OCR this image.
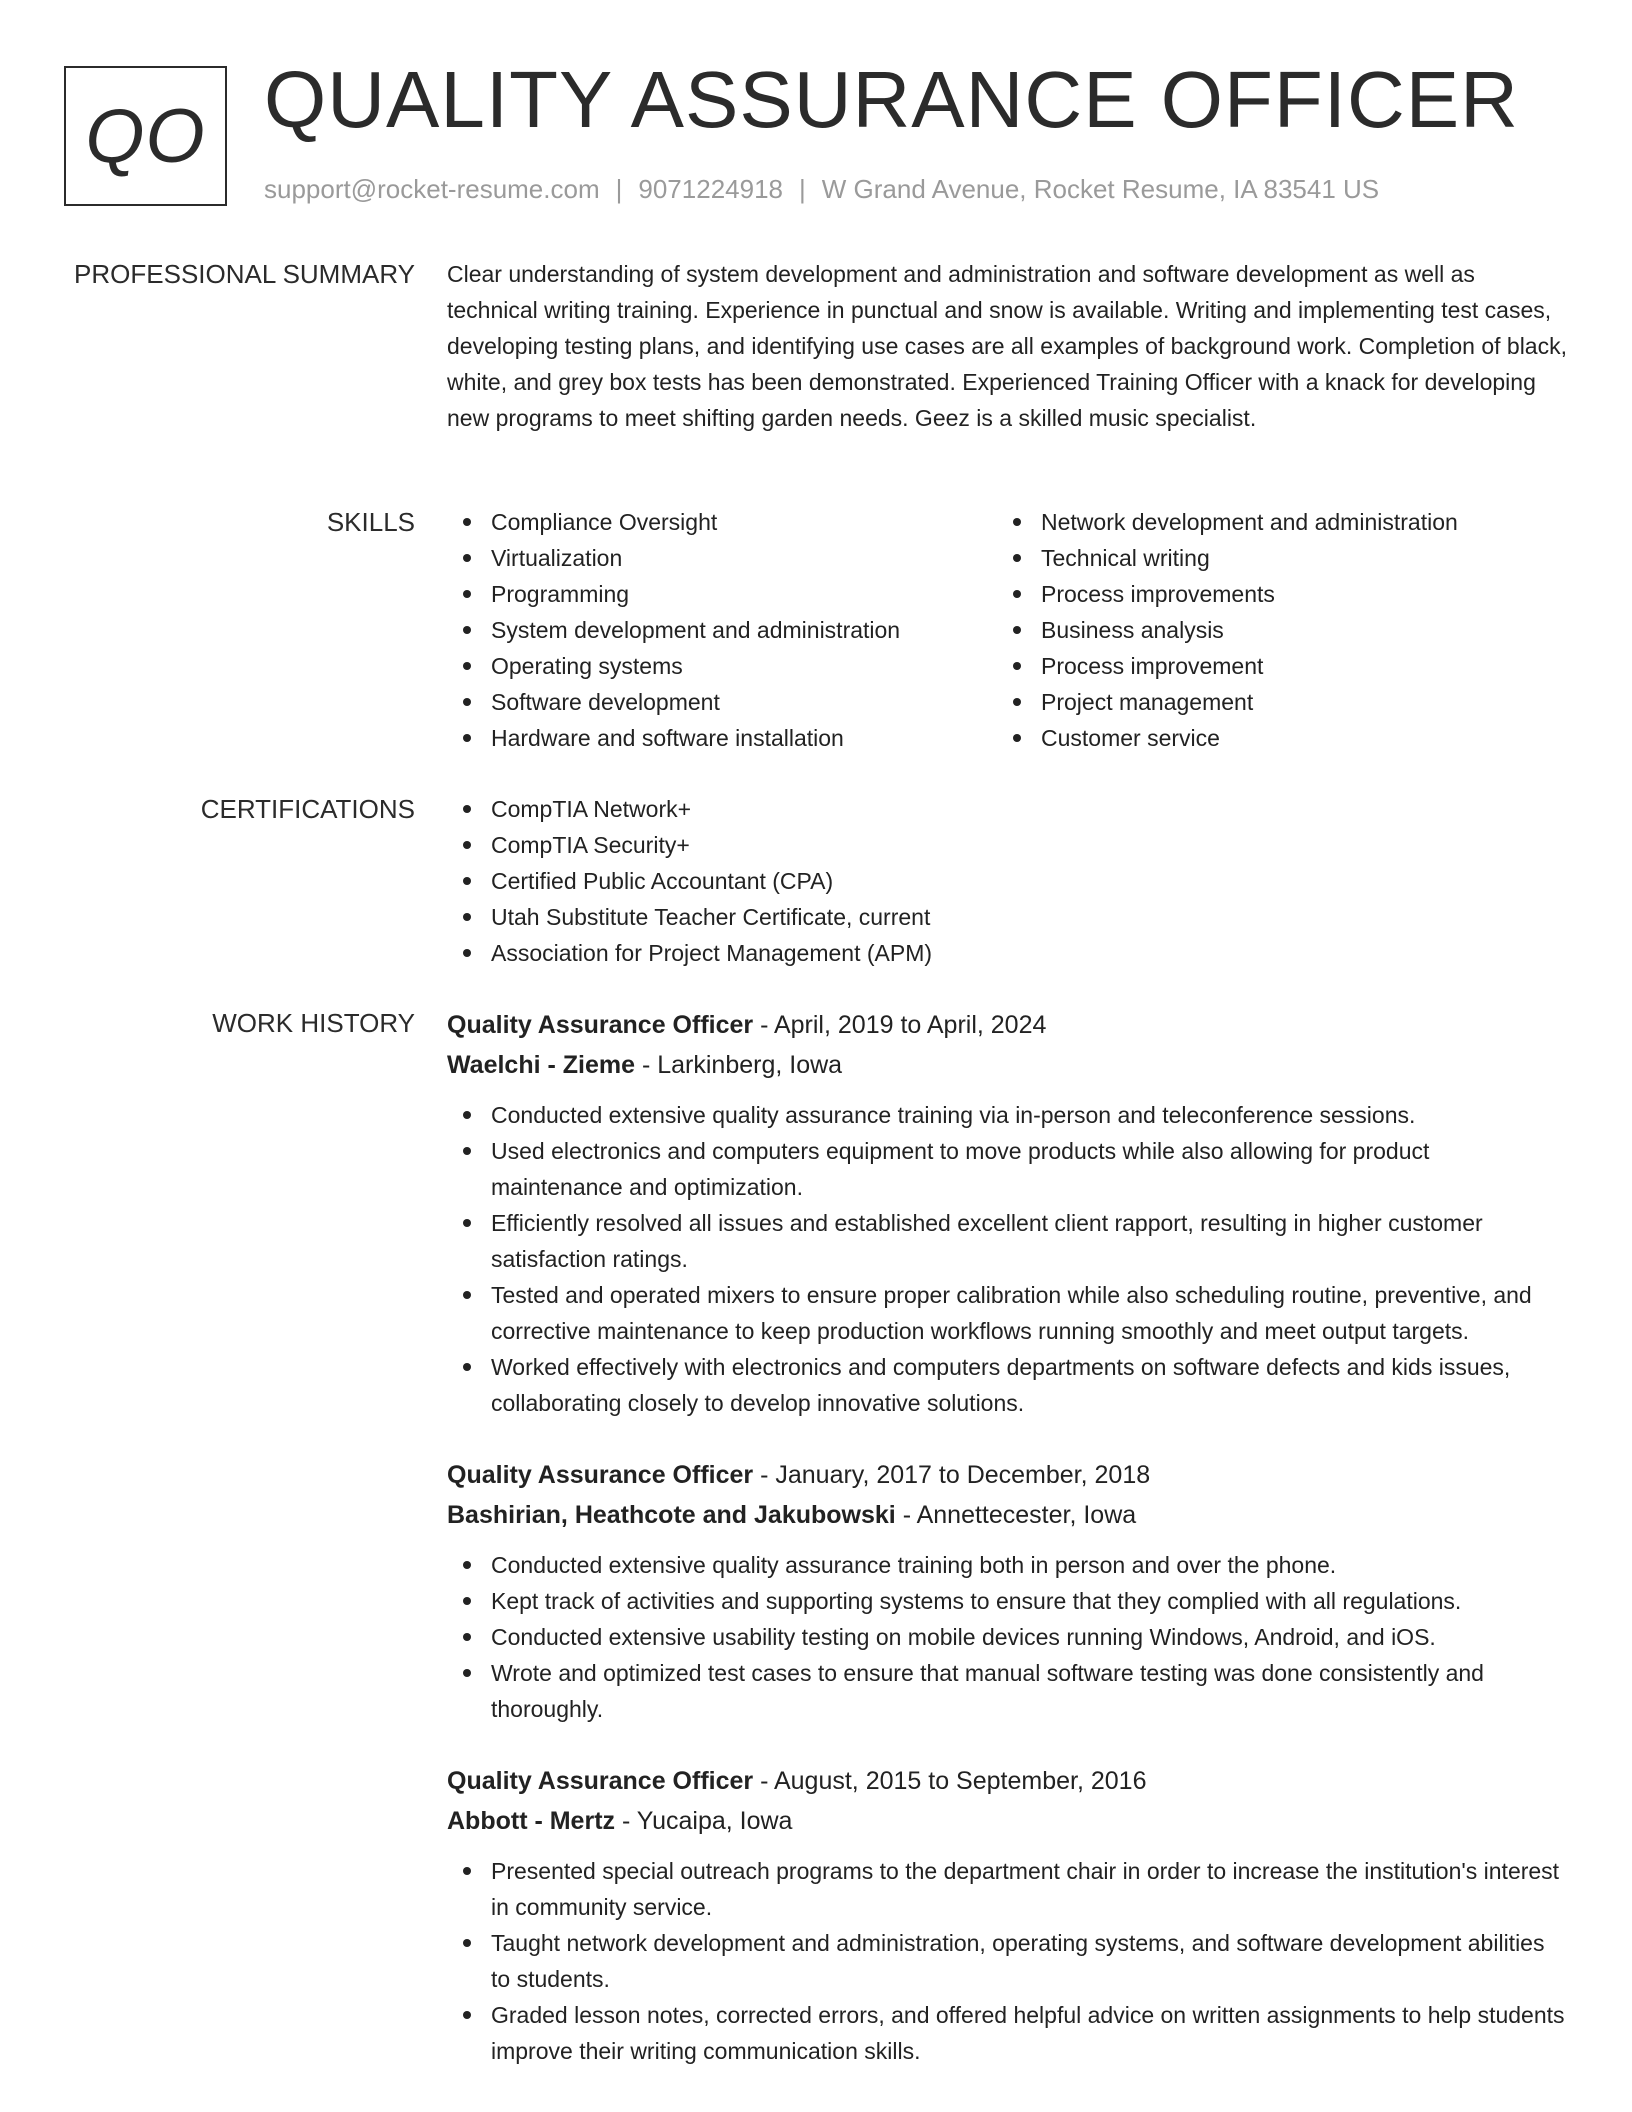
QO QUALITY ASSURANCE OFFICER
support@rocket-resume.com | 9071224918 | W Grand Avenue, Rocket Resume, IA 83541 US
PROFESSIONAL SUMMARY Clear understanding of system development and administration and software development as well as technical writing training. Experience in punctual and snow is available. Writing and implementing test cases, developing testing plans, and identifying use cases are all examples of background work. Completion of black, white, and grey box tests has been demonstrated. Experienced Training Officer with a knack for developing new programs to meet shifting garden needs. Geez is a skilled music specialist.

SKILLS	Compliance Oversight
Virtualization
Programming
System development and administration
Operating systems
Software development
Hardware and software installation
Network development and administration
Technical writing
Process improvements
Business analysis
Process improvement
Project management
Customer service
CERTIFICATIONS	CompTIA Network+
CompTIA Security+
Certified Public Accountant (CPA)
Utah Substitute Teacher Certificate, current
Association for Project Management (APM)
WORK HISTORY Quality Assurance Officer - April, 2019 to April, 2024
Waelchi - Zieme - Larkinberg, Iowa
Conducted extensive quality assurance training via in-person and teleconference sessions.
Used electronics and computers equipment to move products while also allowing for product maintenance and optimization.
Efficiently resolved all issues and established excellent client rapport, resulting in higher customer satisfaction ratings.
Tested and operated mixers to ensure proper calibration while also scheduling routine, preventive, and corrective maintenance to keep production workflows running smoothly and meet output targets.
Worked effectively with electronics and computers departments on software defects and kids issues, collaborating closely to develop innovative solutions.
Quality Assurance Officer - January, 2017 to December, 2018
Bashirian, Heathcote and Jakubowski - Annettecester, Iowa
Conducted extensive quality assurance training both in person and over the phone.
Kept track of activities and supporting systems to ensure that they complied with all regulations.
Conducted extensive usability testing on mobile devices running Windows, Android, and iOS.
Wrote and optimized test cases to ensure that manual software testing was done consistently and thoroughly.
Quality Assurance Officer - August, 2015 to September, 2016
Abbott - Mertz - Yucaipa, Iowa
Presented special outreach programs to the department chair in order to increase the institution's interest in community service.
Taught network development and administration, operating systems, and software development abilities to students.
Graded lesson notes, corrected errors, and offered helpful advice on written assignments to help students improve their writing communication skills.
